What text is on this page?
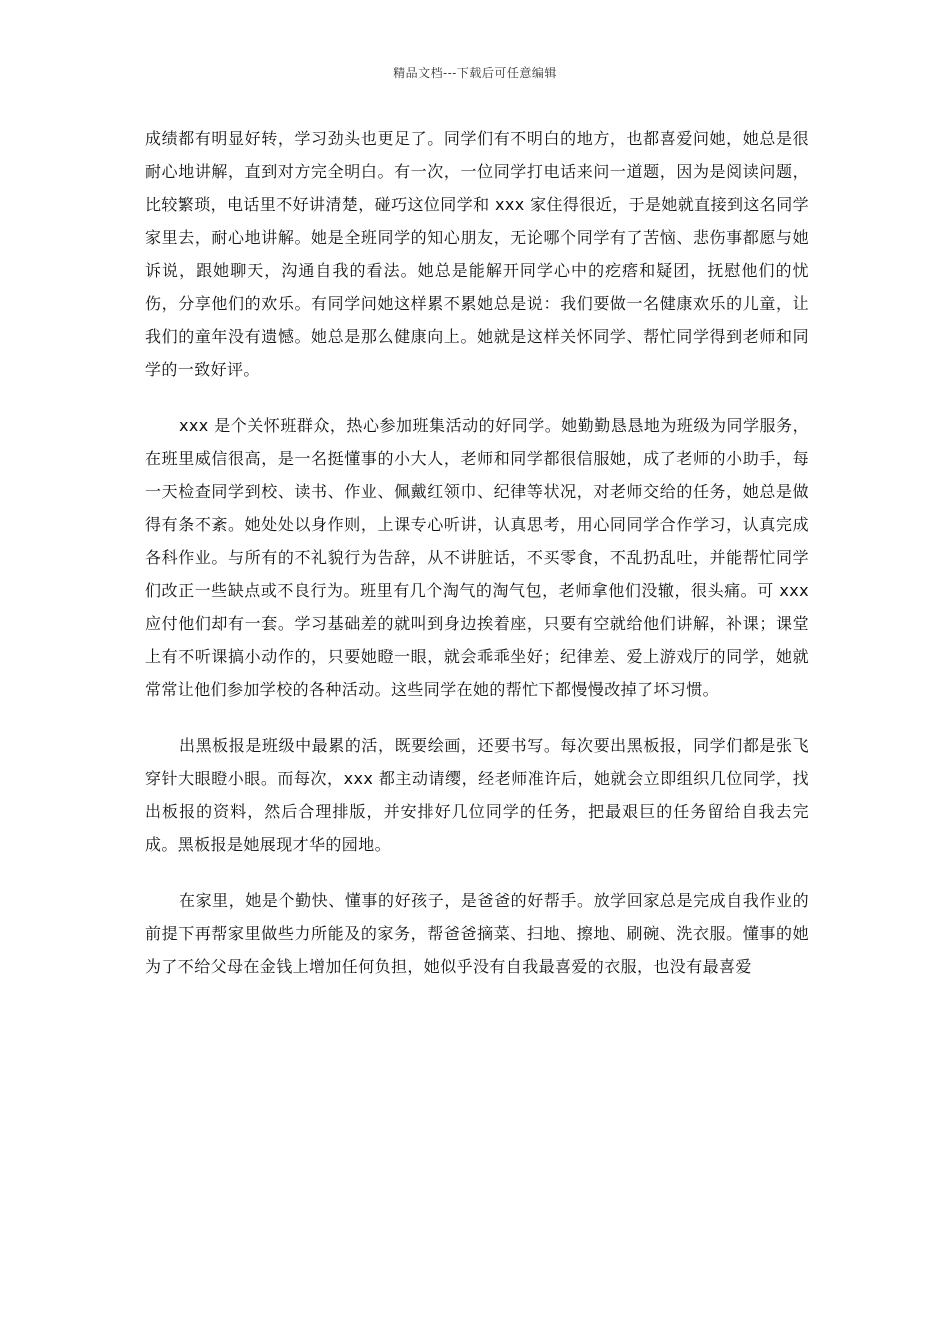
精品文档---下载后可任意编辑

成绩都有明显好转，学习劲头也更足了。同学们有不明白的地方，也都喜爱问她，她总是很耐心地讲解，直到对方完全明白。有一次，一位同学打电话来问一道题，因为是阅读问题，比较繁琐，电话里不好讲清楚，碰巧这位同学和 xxx 家住得很近，于是她就直接到这名同学家里去，耐心地讲解。她是全班同学的知心朋友，无论哪个同学有了苦恼、悲伤事都愿与她诉说，跟她聊天，沟通自我的看法。她总是能解开同学心中的疙瘩和疑团，抚慰他们的忧伤，分享他们的欢乐。有同学问她这样累不累她总是说：我们要做一名健康欢乐的儿童，让我们的童年没有遗憾。她总是那么健康向上。她就是这样关怀同学、帮忙同学得到老师和同学的一致好评。

xxx 是个关怀班群众，热心参加班集活动的好同学。她勤勤恳恳地为班级为同学服务，在班里威信很高，是一名挺懂事的小大人，老师和同学都很信服她，成了老师的小助手，每一天检查同学到校、读书、作业、佩戴红领巾、纪律等状况，对老师交给的任务，她总是做得有条不紊。她处处以身作则，上课专心听讲，认真思考，用心同同学合作学习，认真完成各科作业。与所有的不礼貌行为告辞，从不讲脏话，不买零食，不乱扔乱吐，并能帮忙同学们改正一些缺点或不良行为。班里有几个淘气的淘气包，老师拿他们没辙，很头痛。可 xxx 应付他们却有一套。学习基础差的就叫到身边挨着座，只要有空就给他们讲解，补课；课堂上有不听课搞小动作的，只要她瞪一眼，就会乖乖坐好；纪律差、爱上游戏厅的同学，她就常常让他们参加学校的各种活动。这些同学在她的帮忙下都慢慢改掉了坏习惯。

出黑板报是班级中最累的活，既要绘画，还要书写。每次要出黑板报，同学们都是张飞穿针大眼瞪小眼。而每次，xxx 都主动请缨，经老师准许后，她就会立即组织几位同学，找出板报的资料，然后合理排版，并安排好几位同学的任务，把最艰巨的任务留给自我去完成。黑板报是她展现才华的园地。

在家里，她是个勤快、懂事的好孩子，是爸爸的好帮手。放学回家总是完成自我作业的前提下再帮家里做些力所能及的家务，帮爸爸摘菜、扫地、擦地、刷碗、洗衣服。懂事的她为了不给父母在金钱上增加任何负担，她似乎没有自我最喜爱的衣服，也没有最喜爱
